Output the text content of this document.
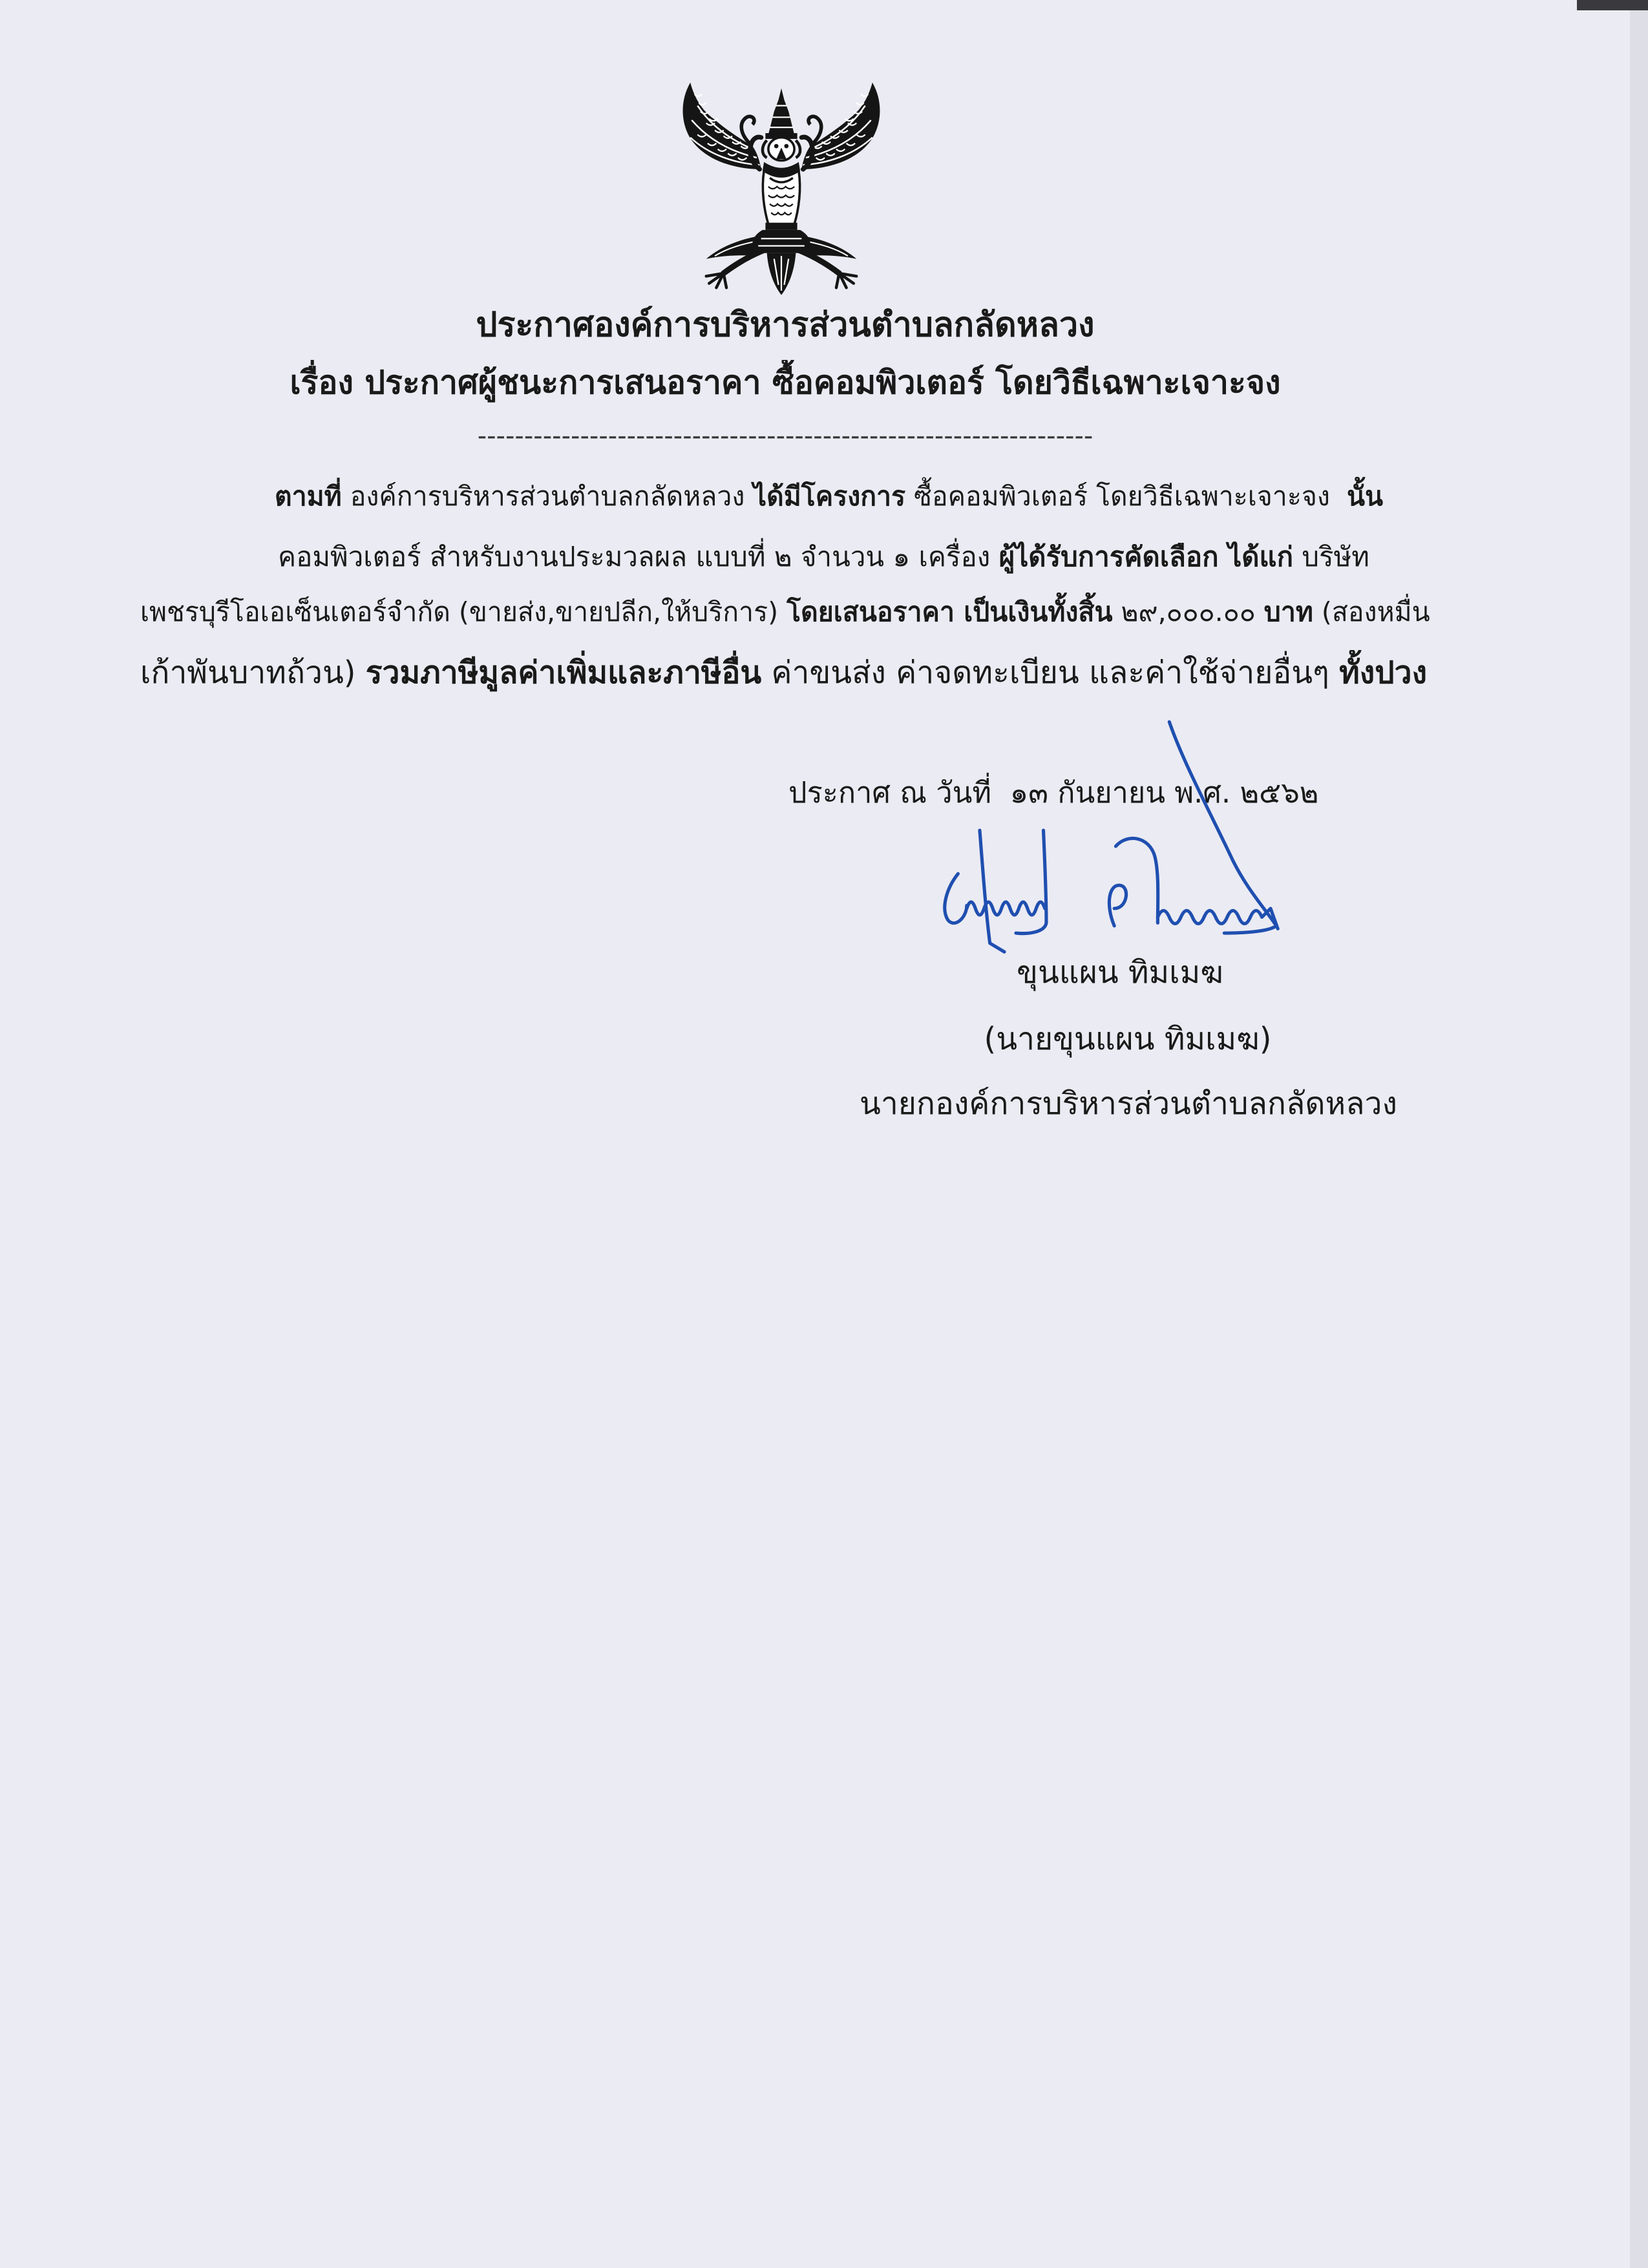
ประกาศองค์การบริหารส่วนตำบลกลัดหลวง
เรื่อง ประกาศผู้ชนะการเสนอราคา ซื้อคอมพิวเตอร์ โดยวิธีเฉพาะเจาะจง
------------------------------------------------------------------
ตามที่ องค์การบริหารส่วนตำบลกลัดหลวง ได้มีโครงการ ซื้อคอมพิวเตอร์ โดยวิธีเฉพาะเจาะจง  นั้น
คอมพิวเตอร์ สำหรับงานประมวลผล แบบที่ ๒ จำนวน ๑ เครื่อง ผู้ได้รับการคัดเลือก ได้แก่ บริษัท
เพชรบุรีโอเอเซ็นเตอร์จำกัด (ขายส่ง,ขายปลีก,ให้บริการ) โดยเสนอราคา เป็นเงินทั้งสิ้น ๒๙,๐๐๐.๐๐ บาท (สองหมื่น
เก้าพันบาทถ้วน) รวมภาษีมูลค่าเพิ่มและภาษีอื่น ค่าขนส่ง ค่าจดทะเบียน และค่าใช้จ่ายอื่นๆ ทั้งปวง
ประกาศ ณ วันที่  ๑๓ กันยายน พ.ศ. ๒๕๖๒
ขุนแผน ทิมเมฆ
(นายขุนแผน ทิมเมฆ)
นายกองค์การบริหารส่วนตำบลกลัดหลวง
